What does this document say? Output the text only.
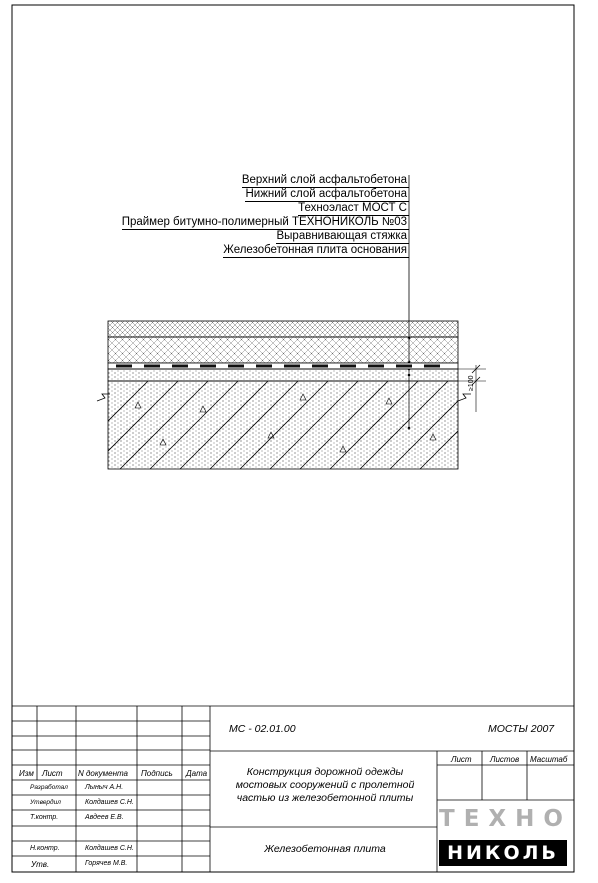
Верхний слой асфальтобетона
Нижний слой асфальтобетона
Техноэласт МОСТ С
Праймер битумно-полимерный ТЕХНОНИКОЛЬ №03
Выравнивающая стяжка
Железобетонная плита основания
≥100
МС - 02.01.00	МОСТЫ 2007
Изм Лист N документа Подпись Дата
Разработал Лыныч А.Н.
Утвердил	Колдашев С.Н.
Т.контр.	Авдеев Е.В.
Н.контр.	Колдашев С.Н.
Утв.	Горячев М.В.
Лист Листов Масштаб
Конструкция дорожной одежды
мостовых сооружений с пролетной
частью из железобетонной плиты
Железобетонная плита
ТЕХНО
НИКОЛЬ
